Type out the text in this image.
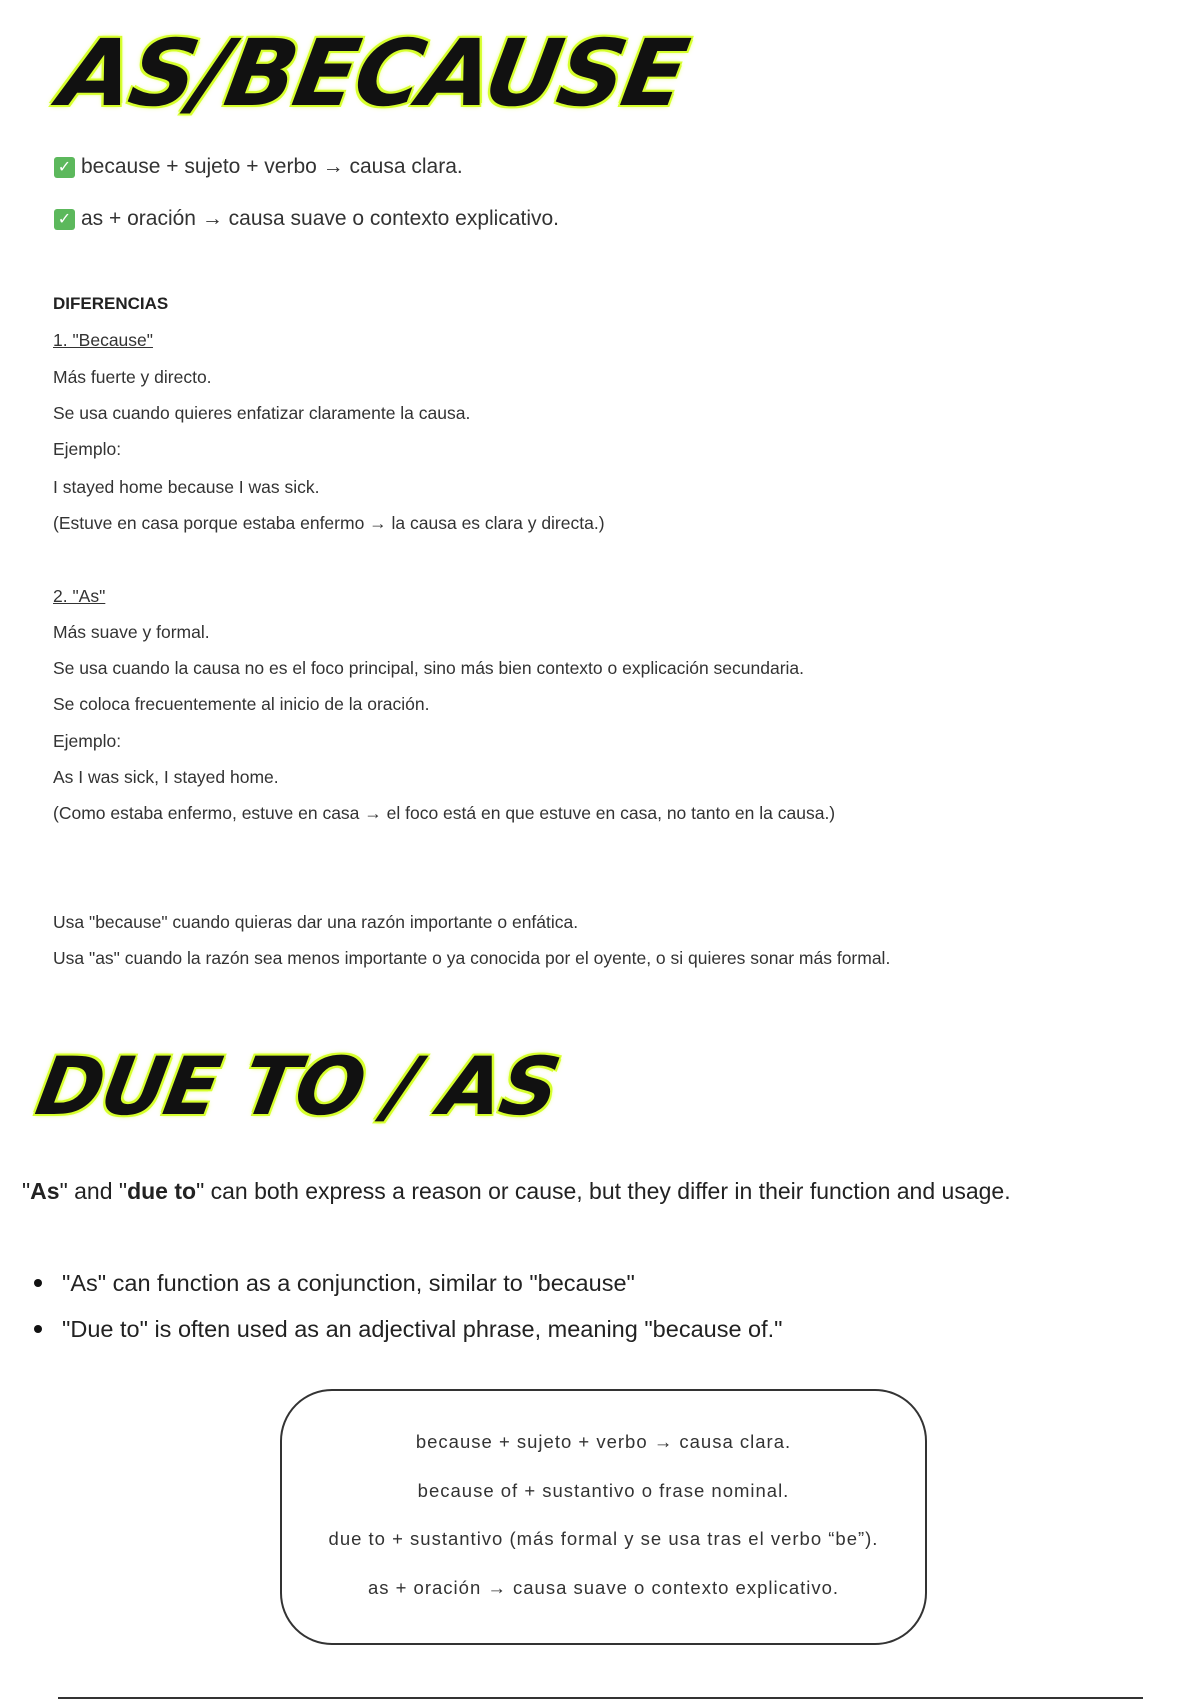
AS/BECAUSE
✓ because + sujeto + verbo → causa clara.
✓ as + oración → causa suave o contexto explicativo.
DIFERENCIAS
1. "Because"
Más fuerte y directo.
Se usa cuando quieres enfatizar claramente la causa.
Ejemplo:
I stayed home because I was sick.
(Estuve en casa porque estaba enfermo → la causa es clara y directa.)
2. "As"
Más suave y formal.
Se usa cuando la causa no es el foco principal, sino más bien contexto o explicación secundaria.
Se coloca frecuentemente al inicio de la oración.
Ejemplo:
As I was sick, I stayed home.
(Como estaba enfermo, estuve en casa → el foco está en que estuve en casa, no tanto en la causa.)
Usa "because" cuando quieras dar una razón importante o enfática.
Usa "as" cuando la razón sea menos importante o ya conocida por el oyente, o si quieres sonar más formal.
DUE TO / AS
"As" and "due to" can both express a reason or cause, but they differ in their function and usage.
"As" can function as a conjunction, similar to "because"
"Due to" is often used as an adjectival phrase, meaning "because of."
because + sujeto + verbo → causa clara.
because of + sustantivo o frase nominal.
due to + sustantivo (más formal y se usa tras el verbo “be”).
as + oración → causa suave o contexto explicativo.
